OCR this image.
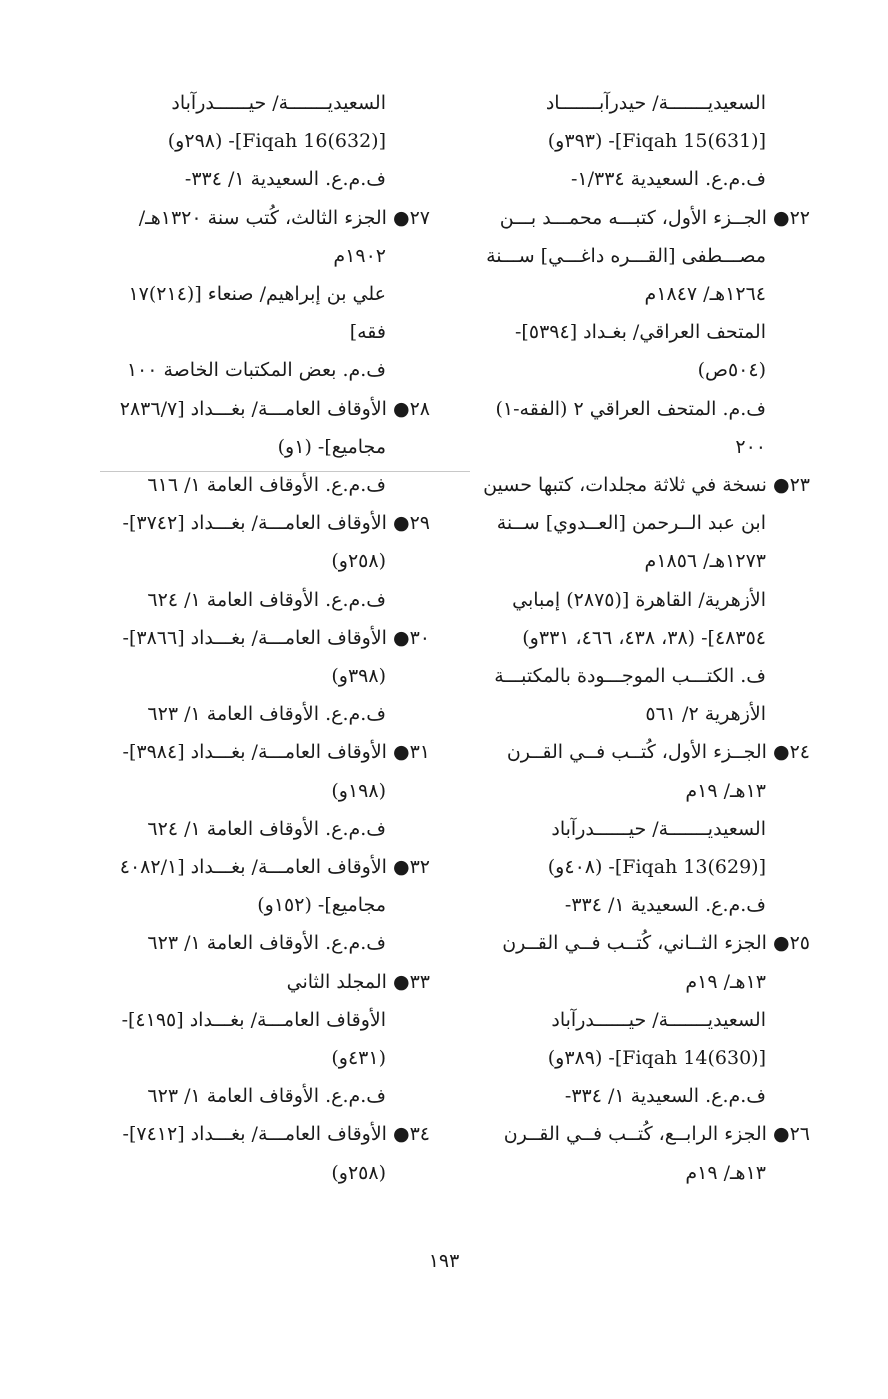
السعيديـــــــة/ حيدرآبـــــــاد
[(631)Fiqah 15]- (٣٩٣و)
ف.م.ع. السعيدية ١/٣٣٤-
٢٢● الجــزء الأول، كتبـــه محمـــد بـــن
مصـــطفى [القـــره داغـــي] ســـنة
١٢٦٤هـ/ ١٨٤٧م
المتحف العراقي/ بغـداد [٥٣٩٤]-
(٥٠٤ص)
ف.م. المتحف العراقي ٢ (الفقه-١)
٢٠٠
٢٣● نسخة في ثلاثة مجلدات، كتبها حسين
ابن عبد الــرحمن [العــدوي] ســنة
١٢٧٣هـ/ ١٨٥٦م
الأزهرية/ القاهرة [(٢٨٧٥) إمبابي
٤٨٣٥٤]- (٣٨، ٤٣٨، ٤٦٦، ٣٣١و)
ف. الكتـــب الموجـــودة بالمكتبـــة
الأزهرية ٢/ ٥٦١
٢٤● الجــزء الأول، كُتــب فــي القــرن
١٣هـ/ ١٩م
السعيديـــــــة/ حيــــــدرآباد
[(629)Fiqah 13]- (٤٠٨و)
ف.م.ع. السعيدية ١/ ٣٣٤-
٢٥● الجزء الثــاني، كُتــب فــي القــرن
١٣هـ/ ١٩م
السعيديـــــــة/ حيــــــدرآباد
[(630)Fiqah 14]- (٣٨٩و)
ف.م.ع. السعيدية ١/ ٣٣٤-
٢٦● الجزء الرابــع، كُتــب فــي القــرن
١٣هـ/ ١٩م
السعيديـــــــة/ حيــــــدرآباد
[(632)Fiqah 16]- (٢٩٨و)
ف.م.ع. السعيدية ١/ ٣٣٤-
٢٧● الجزء الثالث، كُتب سنة ١٣٢٠هـ/
١٩٠٢م
علي بن إبراهيم/ صنعاء [(٢١٤)١٧
فقه]
ف.م. بعض المكتبات الخاصة ١٠٠
٢٨● الأوقاف العامـــة/ بغـــداد [٢٨٣٦/٧
مجاميع]- (١و)
ف.م.ع. الأوقاف العامة ١/ ٦١٦
٢٩● الأوقاف العامـــة/ بغـــداد [٣٧٤٢]-
(٢٥٨و)
ف.م.ع. الأوقاف العامة ١/ ٦٢٤
٣٠● الأوقاف العامـــة/ بغـــداد [٣٨٦٦]-
(٣٩٨و)
ف.م.ع. الأوقاف العامة ١/ ٦٢٣
٣١● الأوقاف العامـــة/ بغـــداد [٣٩٨٤]-
(١٩٨و)
ف.م.ع. الأوقاف العامة ١/ ٦٢٤
٣٢● الأوقاف العامـــة/ بغـــداد [٤٠٨٢/١
مجاميع]- (١٥٢و)
ف.م.ع. الأوقاف العامة ١/ ٦٢٣
٣٣● المجلد الثاني
الأوقاف العامـــة/ بغـــداد [٤١٩٥]-
(٤٣١و)
ف.م.ع. الأوقاف العامة ١/ ٦٢٣
٣٤● الأوقاف العامـــة/ بغـــداد [٧٤١٢]-
(٢٥٨و)
١٩٣
